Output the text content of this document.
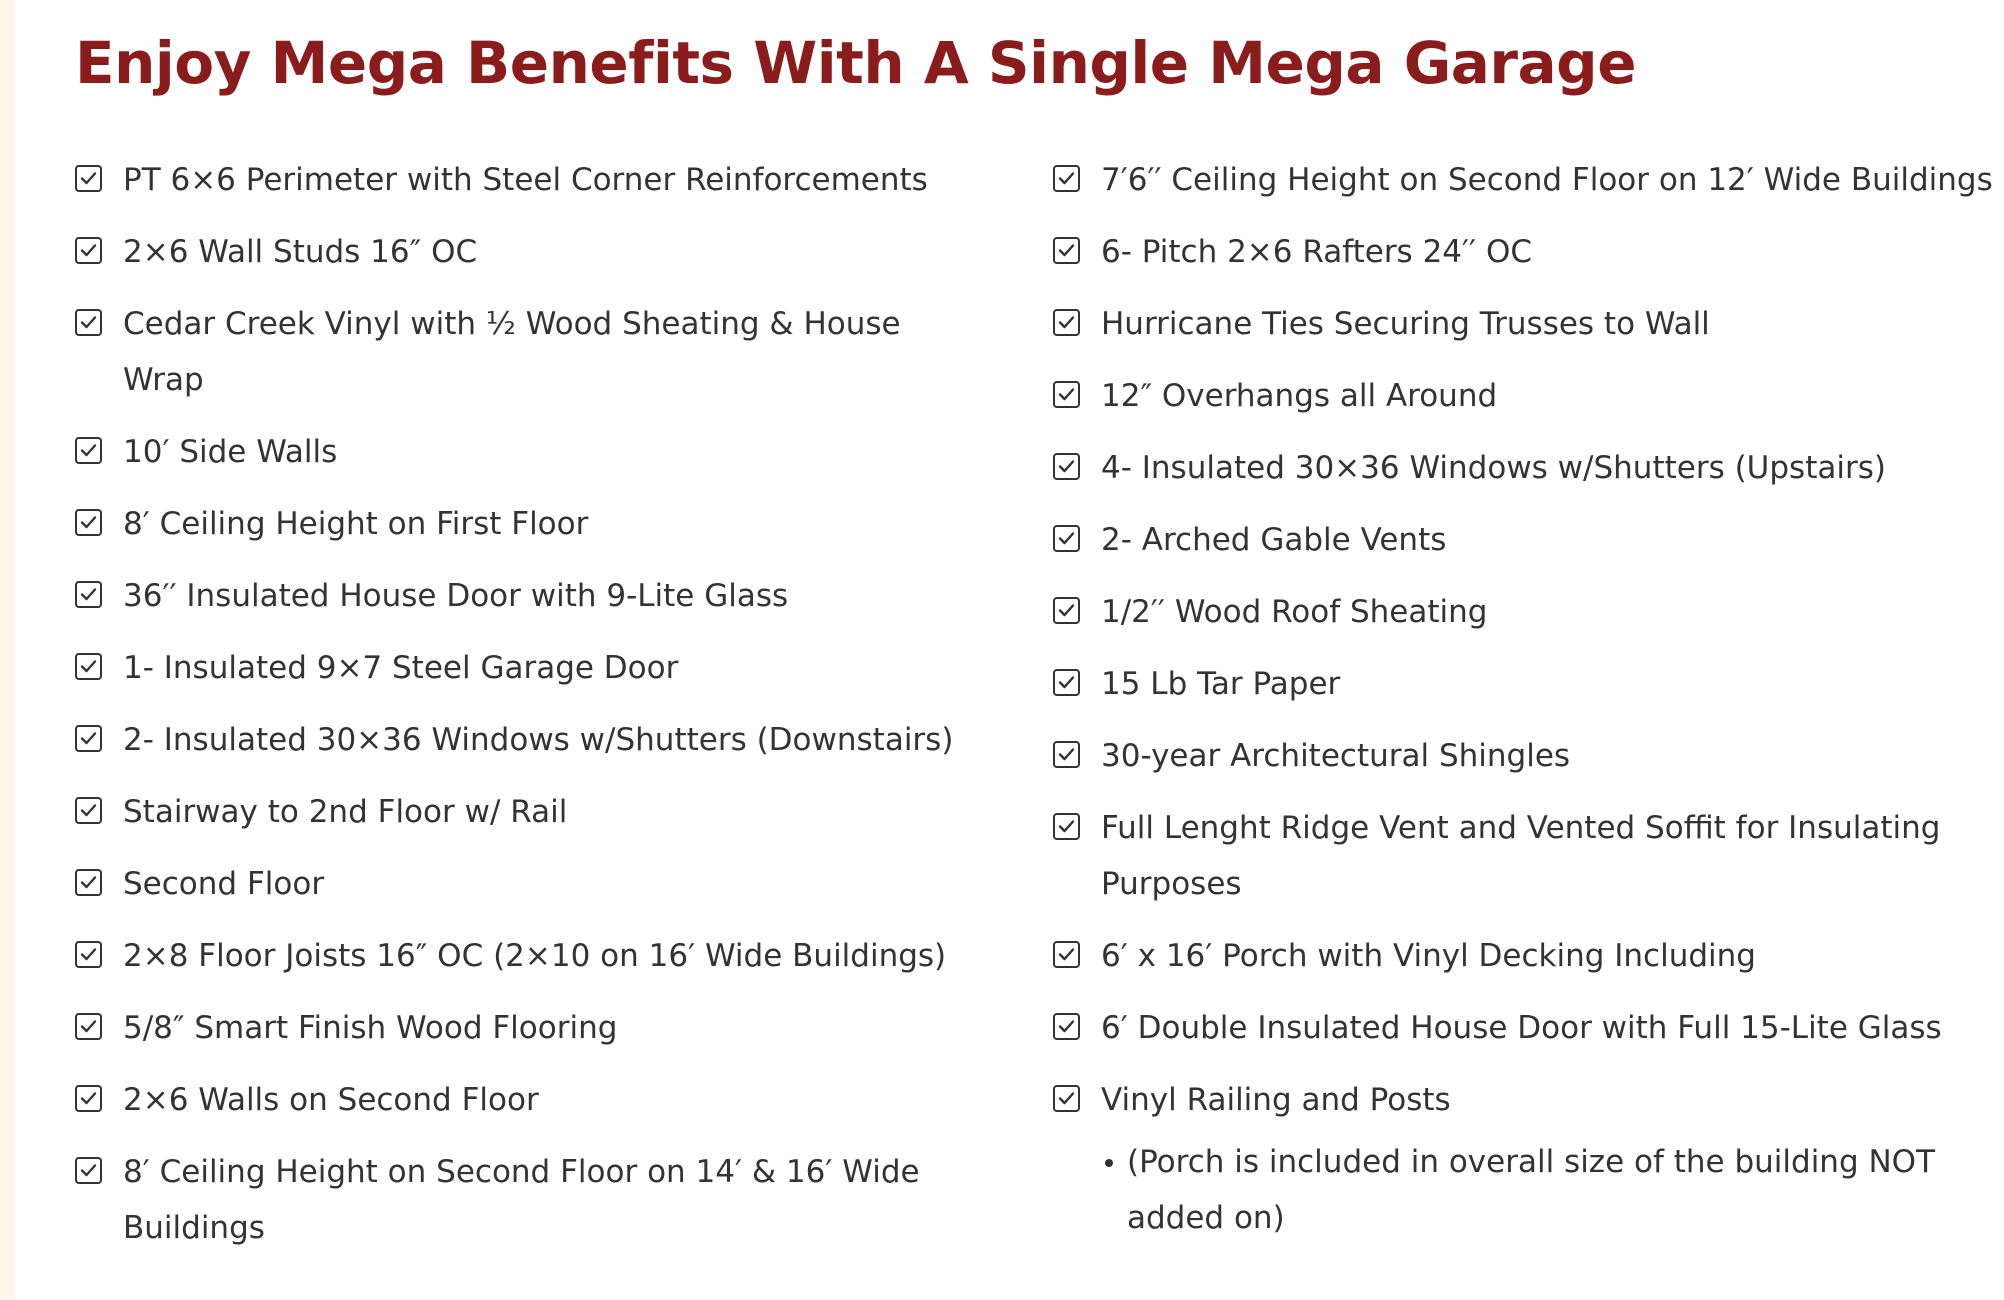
Enjoy Mega Benefits With A Single Mega Garage
PT 6×6 Perimeter with Steel Corner Reinforcements
2×6 Wall Studs 16″ OC
Cedar Creek Vinyl with ½ Wood Sheating & House Wrap
10′ Side Walls
8′ Ceiling Height on First Floor
36′′ Insulated House Door with 9-Lite Glass
1- Insulated 9×7 Steel Garage Door
2- Insulated 30×36 Windows w/Shutters (Downstairs)
Stairway to 2nd Floor w/ Rail
Second Floor
2×8 Floor Joists 16″ OC (2×10 on 16′ Wide Buildings)
5/8″ Smart Finish Wood Flooring
2×6 Walls on Second Floor
8′ Ceiling Height on Second Floor on 14′ & 16′ Wide Buildings
7′6′′ Ceiling Height on Second Floor on 12′ Wide Buildings
6- Pitch 2×6 Rafters 24′′ OC
Hurricane Ties Securing Trusses to Wall
12″ Overhangs all Around
4- Insulated 30×36 Windows w/Shutters (Upstairs)
2- Arched Gable Vents
1/2′′ Wood Roof Sheating
15 Lb Tar Paper
30-year Architectural Shingles
Full Lenght Ridge Vent and Vented Soffit for Insulating Purposes
6′ x 16′ Porch with Vinyl Decking Including
6′ Double Insulated House Door with Full 15-Lite Glass
Vinyl Railing and Posts
(Porch is included in overall size of the building NOT added on)
